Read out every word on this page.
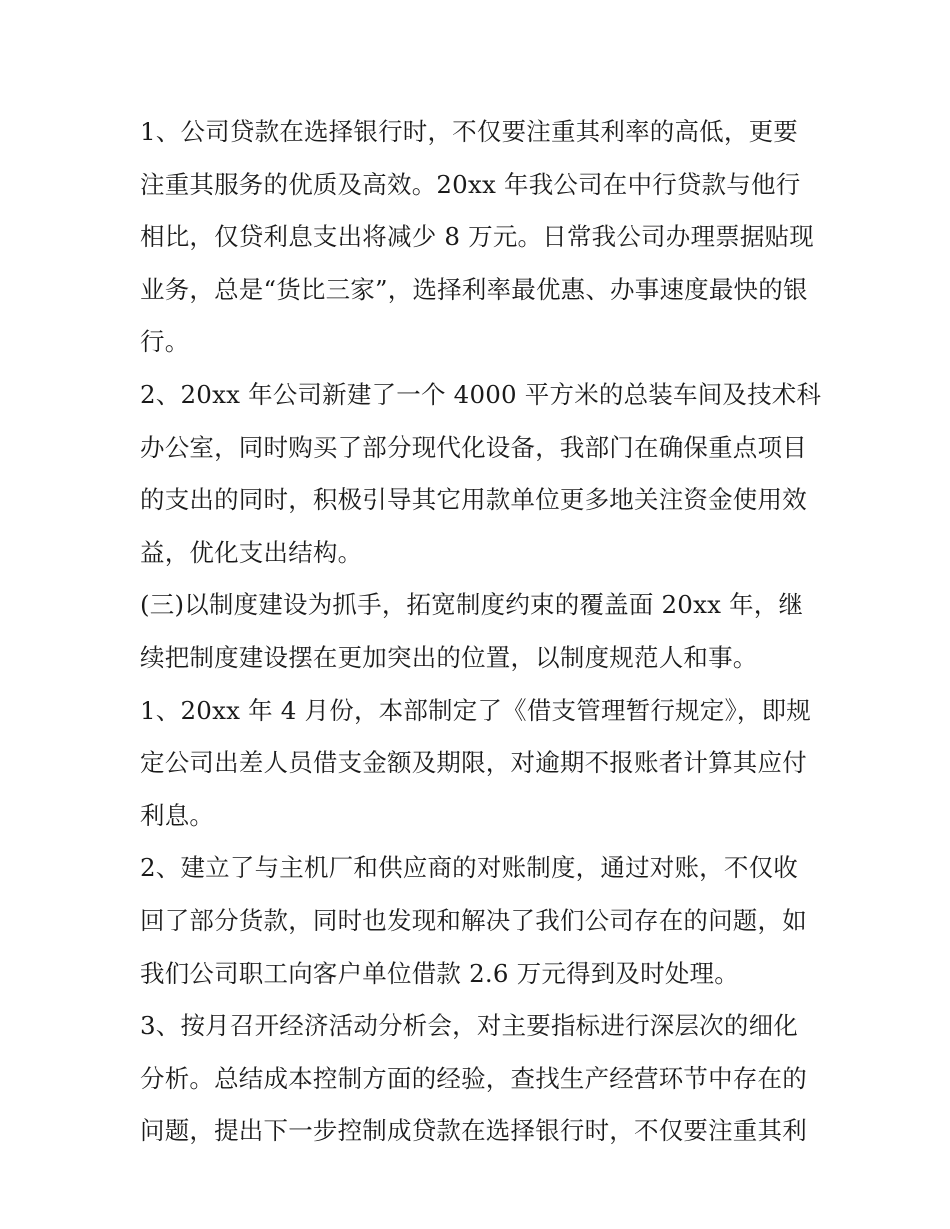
1、公司贷款在选择银行时，不仅要注重其利率的高低，更要
注重其服务的优质及高效。20xx 年我公司在中行贷款与他行
相比，仅贷利息支出将减少 8 万元。日常我公司办理票据贴现
业务，总是“货比三家”，选择利率最优惠、办事速度最快的银
行。
2、20xx 年公司新建了一个 4000 平方米的总装车间及技术科
办公室，同时购买了部分现代化设备，我部门在确保重点项目
的支出的同时，积极引导其它用款单位更多地关注资金使用效
益，优化支出结构。
(三)以制度建设为抓手，拓宽制度约束的覆盖面 20xx 年，继
续把制度建设摆在更加突出的位置，以制度规范人和事。
1、20xx 年 4 月份，本部制定了《借支管理暂行规定》，即规
定公司出差人员借支金额及期限，对逾期不报账者计算其应付
利息。
2、建立了与主机厂和供应商的对账制度，通过对账，不仅收
回了部分货款，同时也发现和解决了我们公司存在的问题，如
我们公司职工向客户单位借款 2.6 万元得到及时处理。
3、按月召开经济活动分析会，对主要指标进行深层次的细化
分析。总结成本控制方面的经验，查找生产经营环节中存在的
问题，提出下一步控制成贷款在选择银行时，不仅要注重其利
